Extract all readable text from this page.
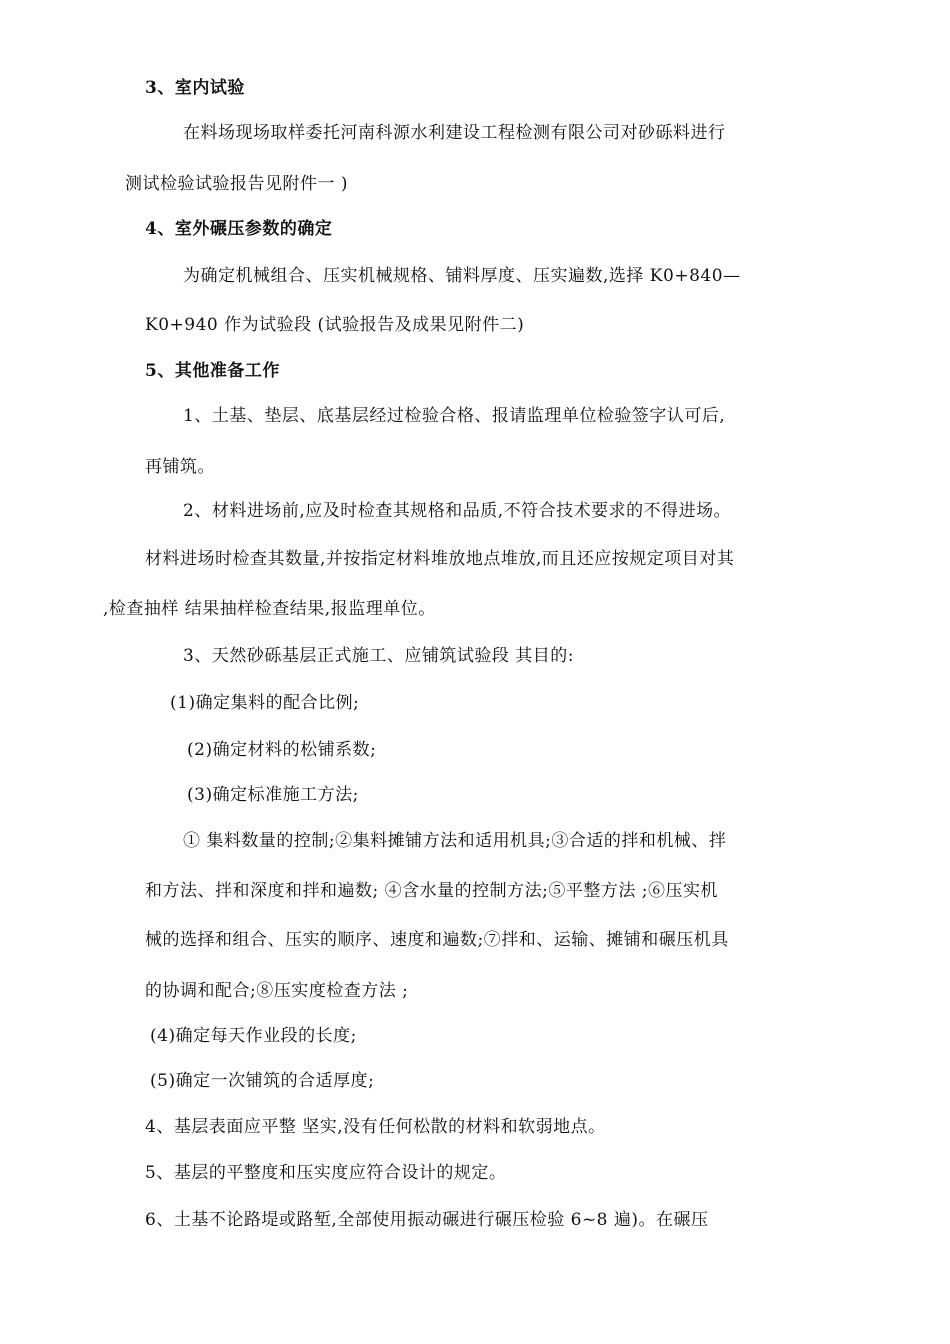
3、室内试验
在料场现场取样委托河南科源水利建设工程检测有限公司对砂砾料进行
测试检验试验报告见附件一 )
4、室外碾压参数的确定
为确定机械组合、压实机械规格、铺料厚度、压实遍数,选择 K0+840—
K0+940 作为试验段 (试验报告及成果见附件二)
5、其他准备工作
1、土基、垫层、底基层经过检验合格、报请监理单位检验签字认可后,
再铺筑。
2、材料进场前,应及时检查其规格和品质,不符合技术要求的不得进场。
材料进场时检查其数量,并按指定材料堆放地点堆放,而且还应按规定项目对其
,检查抽样 结果抽样检查结果,报监理单位。
3、天然砂砾基层正式施工、应铺筑试验段 其目的:
(1)确定集料的配合比例;
(2)确定材料的松铺系数;
(3)确定标准施工方法;
① 集料数量的控制;②集料摊铺方法和适用机具;③合适的拌和机械、拌
和方法、拌和深度和拌和遍数; ④含水量的控制方法;⑤平整方法 ;⑥压实机
械的选择和组合、压实的顺序、速度和遍数;⑦拌和、运输、摊铺和碾压机具
的协调和配合;⑧压实度检查方法 ;
(4)确定每天作业段的长度;
(5)确定一次铺筑的合适厚度;
4、基层表面应平整 坚实,没有任何松散的材料和软弱地点。
5、基层的平整度和压实度应符合设计的规定。
6、土基不论路堤或路堑,全部使用振动碾进行碾压检验 6~8 遍)。在碾压
